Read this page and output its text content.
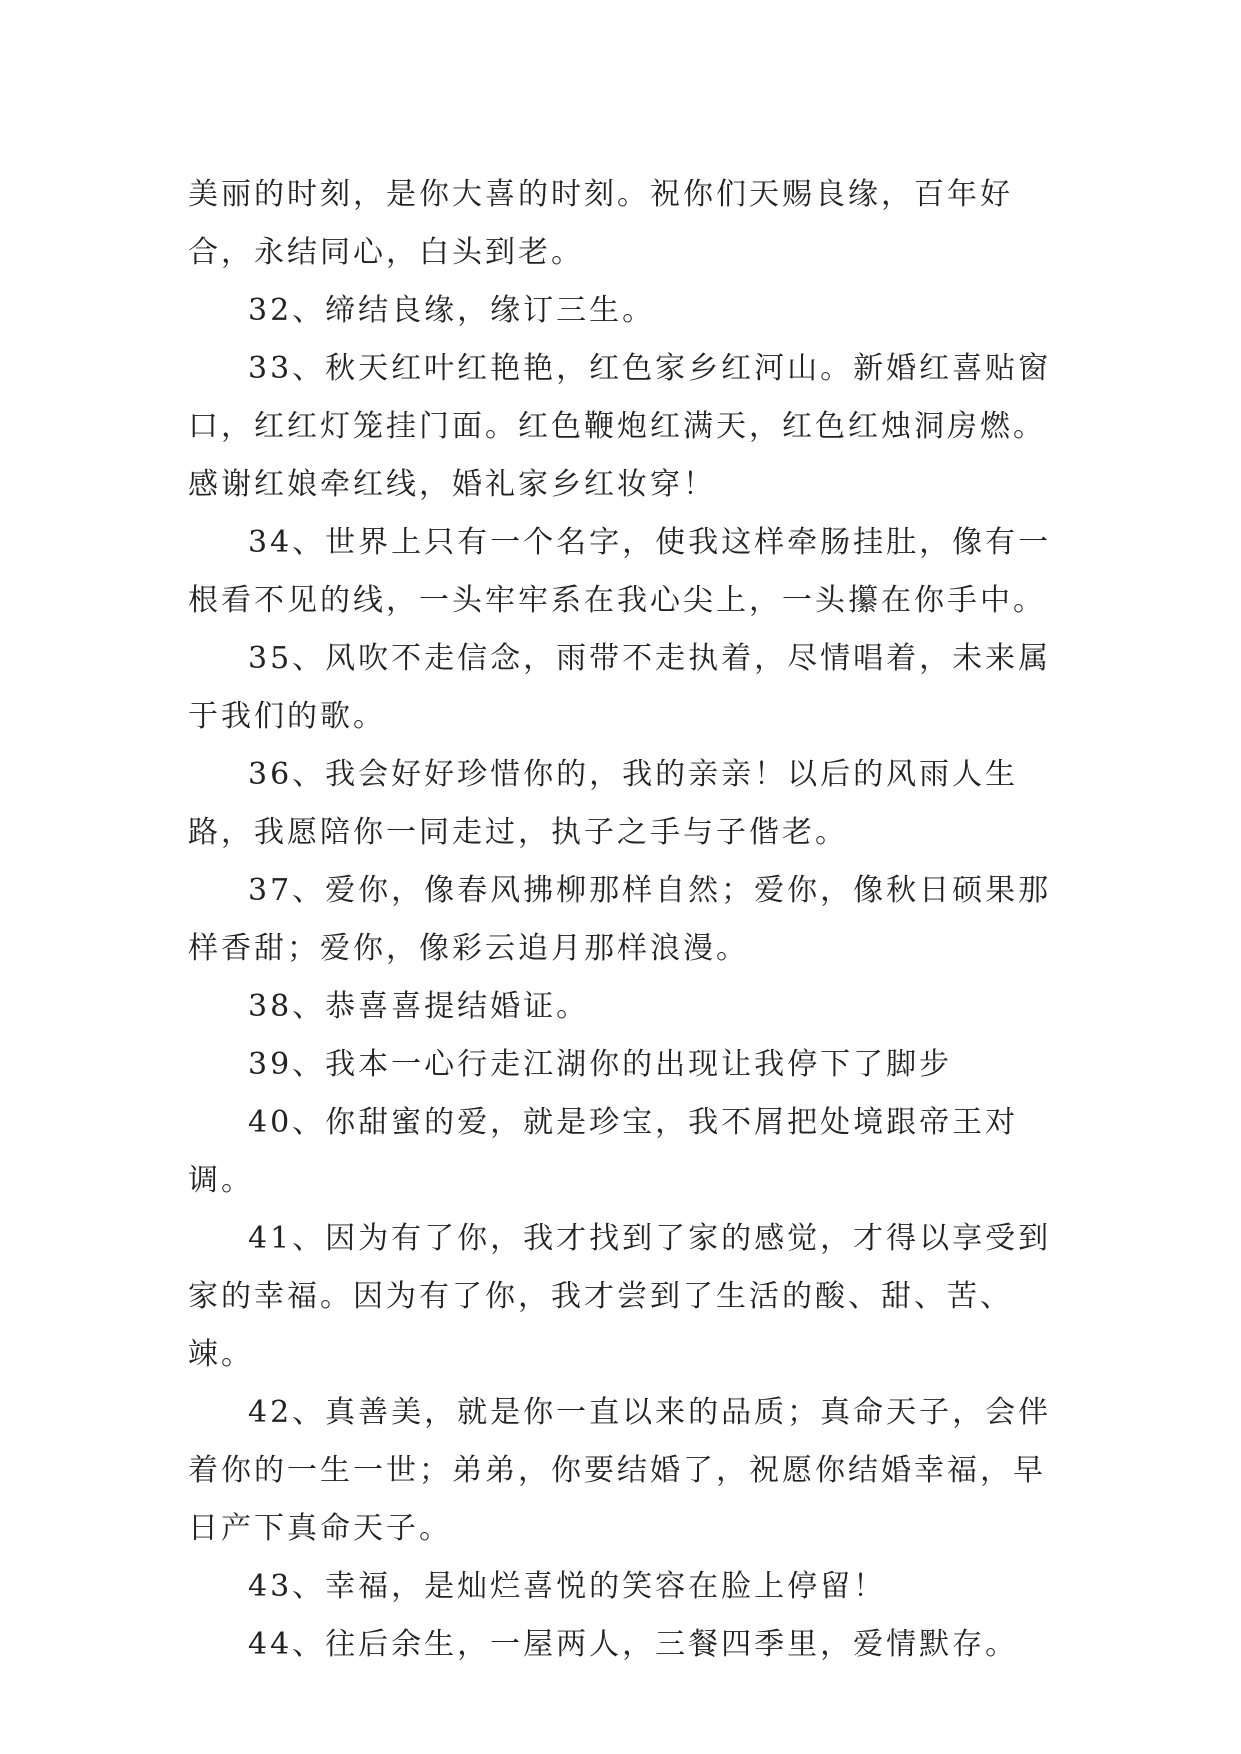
美丽的时刻，是你大喜的时刻。祝你们天赐良缘，百年好合，永结同心，白头到老。

32、缔结良缘，缘订三生。

33、秋天红叶红艳艳，红色家乡红河山。新婚红喜贴窗口，红红灯笼挂门面。红色鞭炮红满天，红色红烛洞房燃。感谢红娘牵红线，婚礼家乡红妆穿！

34、世界上只有一个名字，使我这样牵肠挂肚，像有一根看不见的线，一头牢牢系在我心尖上，一头攥在你手中。

35、风吹不走信念，雨带不走执着，尽情唱着，未来属于我们的歌。

36、我会好好珍惜你的，我的亲亲！以后的风雨人生路，我愿陪你一同走过，执子之手与子偕老。

37、爱你，像春风拂柳那样自然；爱你，像秋日硕果那样香甜；爱你，像彩云追月那样浪漫。

38、恭喜喜提结婚证。

39、我本一心行走江湖你的出现让我停下了脚步

40、你甜蜜的爱，就是珍宝，我不屑把处境跟帝王对调。

41、因为有了你，我才找到了家的感觉，才得以享受到家的幸福。因为有了你，我才尝到了生活的酸、甜、苦、竦。

42、真善美，就是你一直以来的品质；真命天子，会伴着你的一生一世；弟弟，你要结婚了，祝愿你结婚幸福，早日产下真命天子。

43、幸福，是灿烂喜悦的笑容在脸上停留！

44、往后余生，一屋两人，三餐四季里，爱情默存。
